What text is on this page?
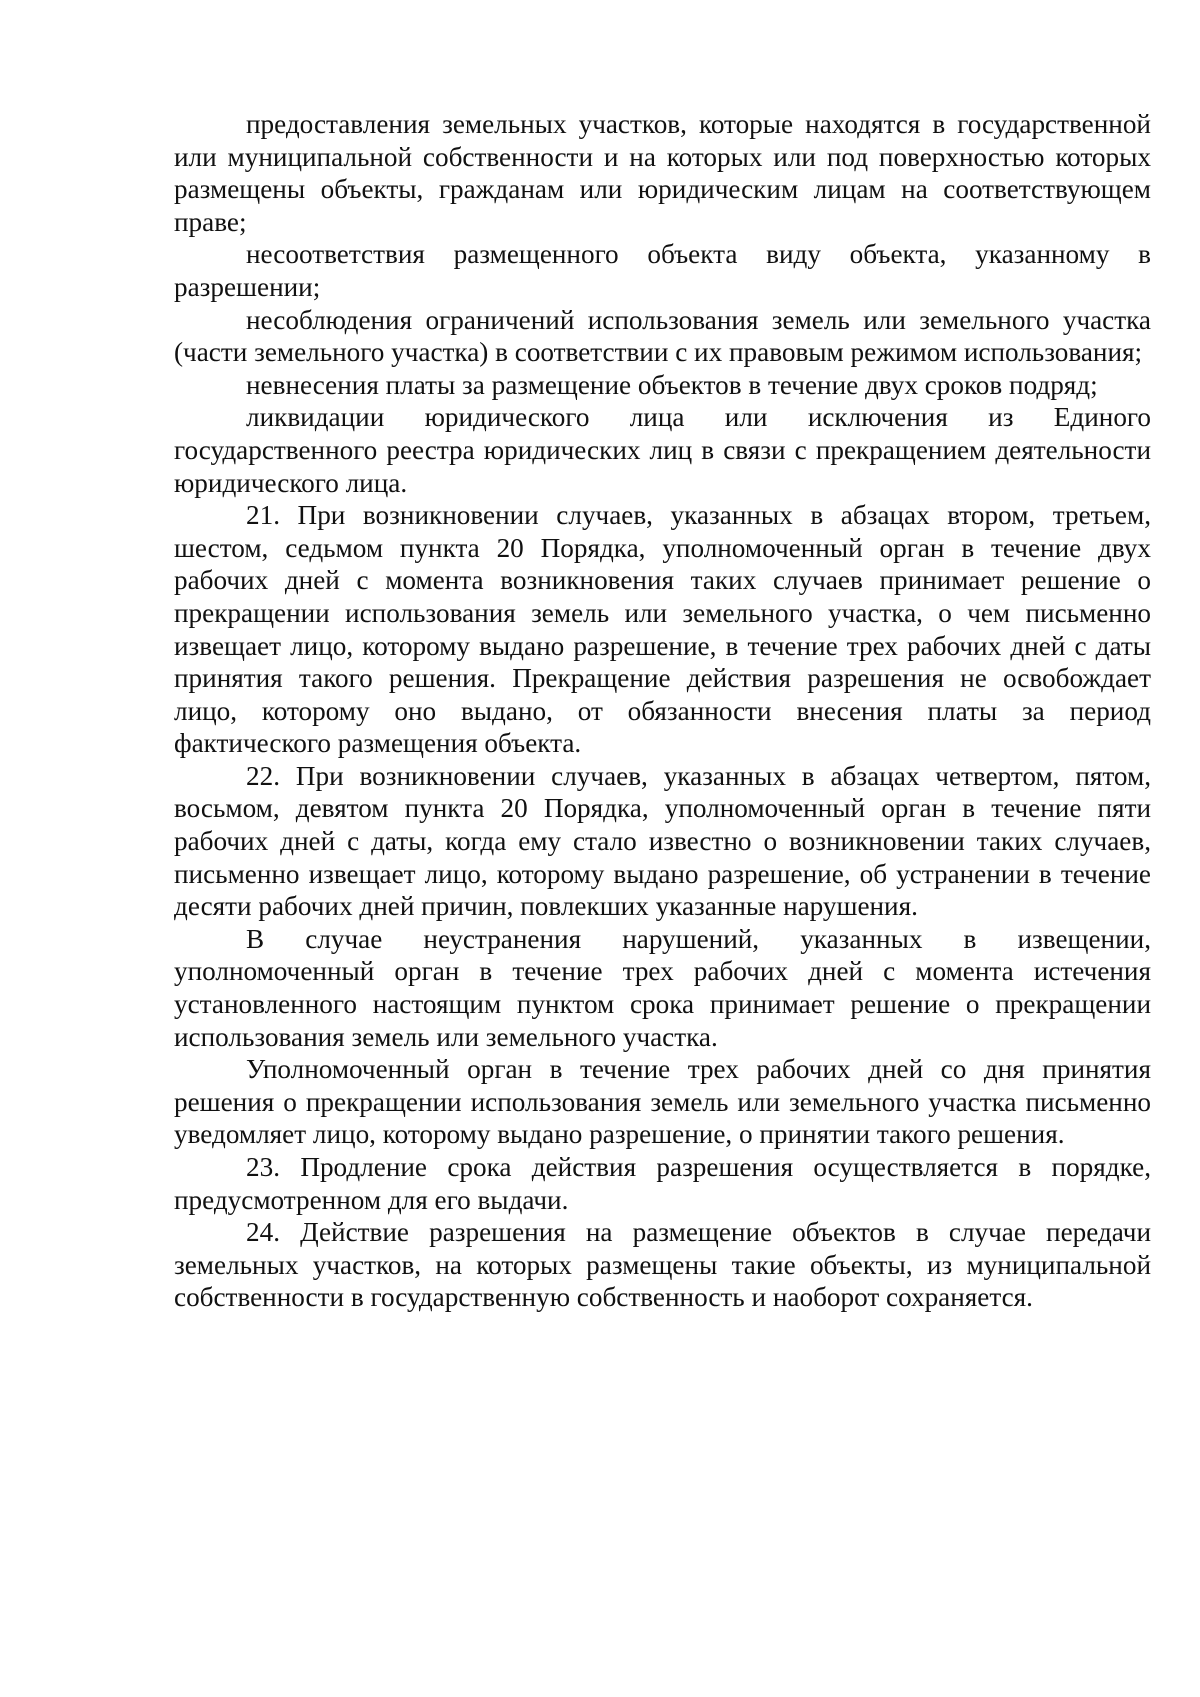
предоставления земельных участков, которые находятся в государственной или муниципальной собственности и на которых или под поверхностью которых размещены объекты, гражданам или юридическим лицам на соответствующем праве;

несоответствия размещенного объекта виду объекта, указанному в разрешении;

несоблюдения ограничений использования земель или земельного участка (части земельного участка) в соответствии с их правовым режимом использования;

невнесения платы за размещение объектов в течение двух сроков подряд;

ликвидации юридического лица или исключения из Единого государственного реестра юридических лиц в связи с прекращением деятельности юридического лица.

21. При возникновении случаев, указанных в абзацах втором, третьем, шестом, седьмом пункта 20 Порядка, уполномоченный орган в течение двух рабочих дней с момента возникновения таких случаев принимает решение о прекращении использования земель или земельного участка, о чем письменно извещает лицо, которому выдано разрешение, в течение трех рабочих дней с даты принятия такого решения. Прекращение действия разрешения не освобождает лицо, которому оно выдано, от обязанности внесения платы за период фактического размещения объекта.

22. При возникновении случаев, указанных в абзацах четвертом, пятом, восьмом, девятом пункта 20 Порядка, уполномоченный орган в течение пяти рабочих дней с даты, когда ему стало известно о возникновении таких случаев, письменно извещает лицо, которому выдано разрешение, об устранении в течение десяти рабочих дней причин, повлекших указанные нарушения.

В случае неустранения нарушений, указанных в извещении, уполномоченный орган в течение трех рабочих дней с момента истечения установленного настоящим пунктом срока принимает решение о прекращении использования земель или земельного участка.

Уполномоченный орган в течение трех рабочих дней со дня принятия решения о прекращении использования земель или земельного участка письменно уведомляет лицо, которому выдано разрешение, о принятии такого решения.

23. Продление срока действия разрешения осуществляется в порядке, предусмотренном для его выдачи.

24. Действие разрешения на размещение объектов в случае передачи земельных участков, на которых размещены такие объекты, из муниципальной собственности в государственную собственность и наоборот сохраняется.
